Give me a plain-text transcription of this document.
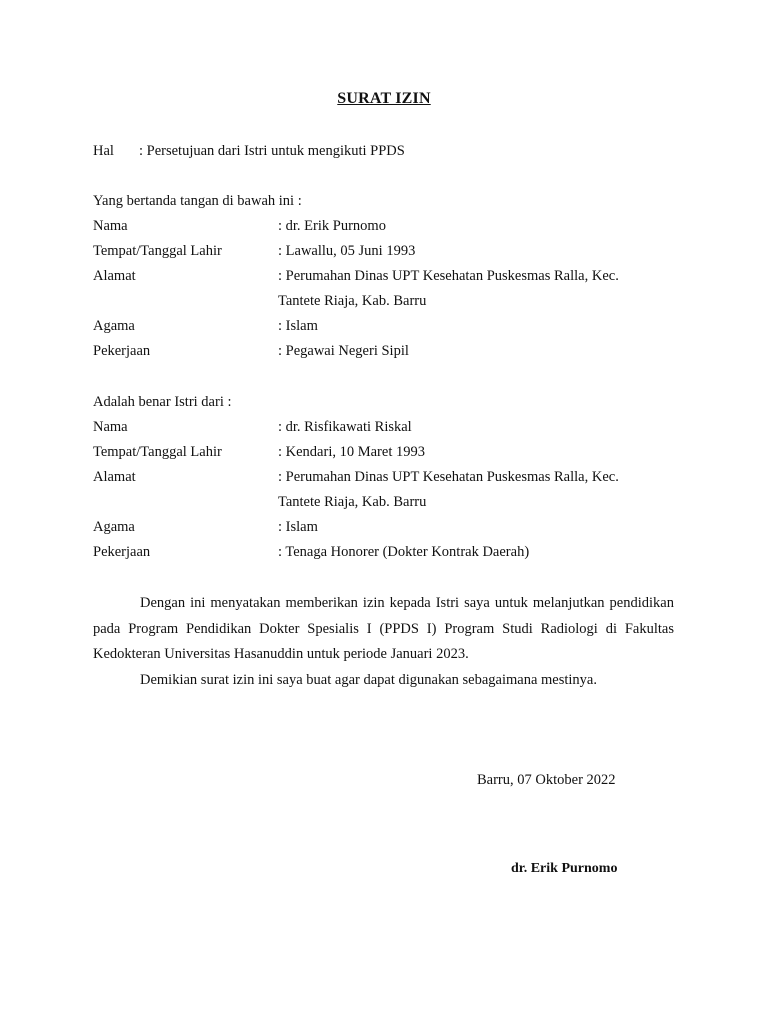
SURAT IZIN
Hal : Persetujuan dari Istri untuk mengikuti PPDS
Yang bertanda tangan di bawah ini :
Nama	: dr. Erik Purnomo
Tempat/Tanggal Lahir	: Lawallu, 05 Juni 1993
Alamat	: Perumahan Dinas UPT Kesehatan Puskesmas Ralla, Kec.
Tantete Riaja, Kab. Barru
Agama	: Islam
Pekerjaan	: Pegawai Negeri Sipil
Adalah benar Istri dari :
Nama	: dr. Risfikawati Riskal
Tempat/Tanggal Lahir	: Kendari, 10 Maret 1993
Alamat	: Perumahan Dinas UPT Kesehatan Puskesmas Ralla, Kec.
Tantete Riaja, Kab. Barru
Agama	: Islam
Pekerjaan	: Tenaga Honorer (Dokter Kontrak Daerah)

Dengan ini menyatakan memberikan izin kepada Istri saya untuk melanjutkan pendidikan pada Program Pendidikan Dokter Spesialis I (PPDS I) Program Studi Radiologi di Fakultas Kedokteran Universitas Hasanuddin untuk periode Januari 2023.

Demikian surat izin ini saya buat agar dapat digunakan sebagaimana mestinya.

Barru, 07 Oktober 2022
dr. Erik Purnomo
